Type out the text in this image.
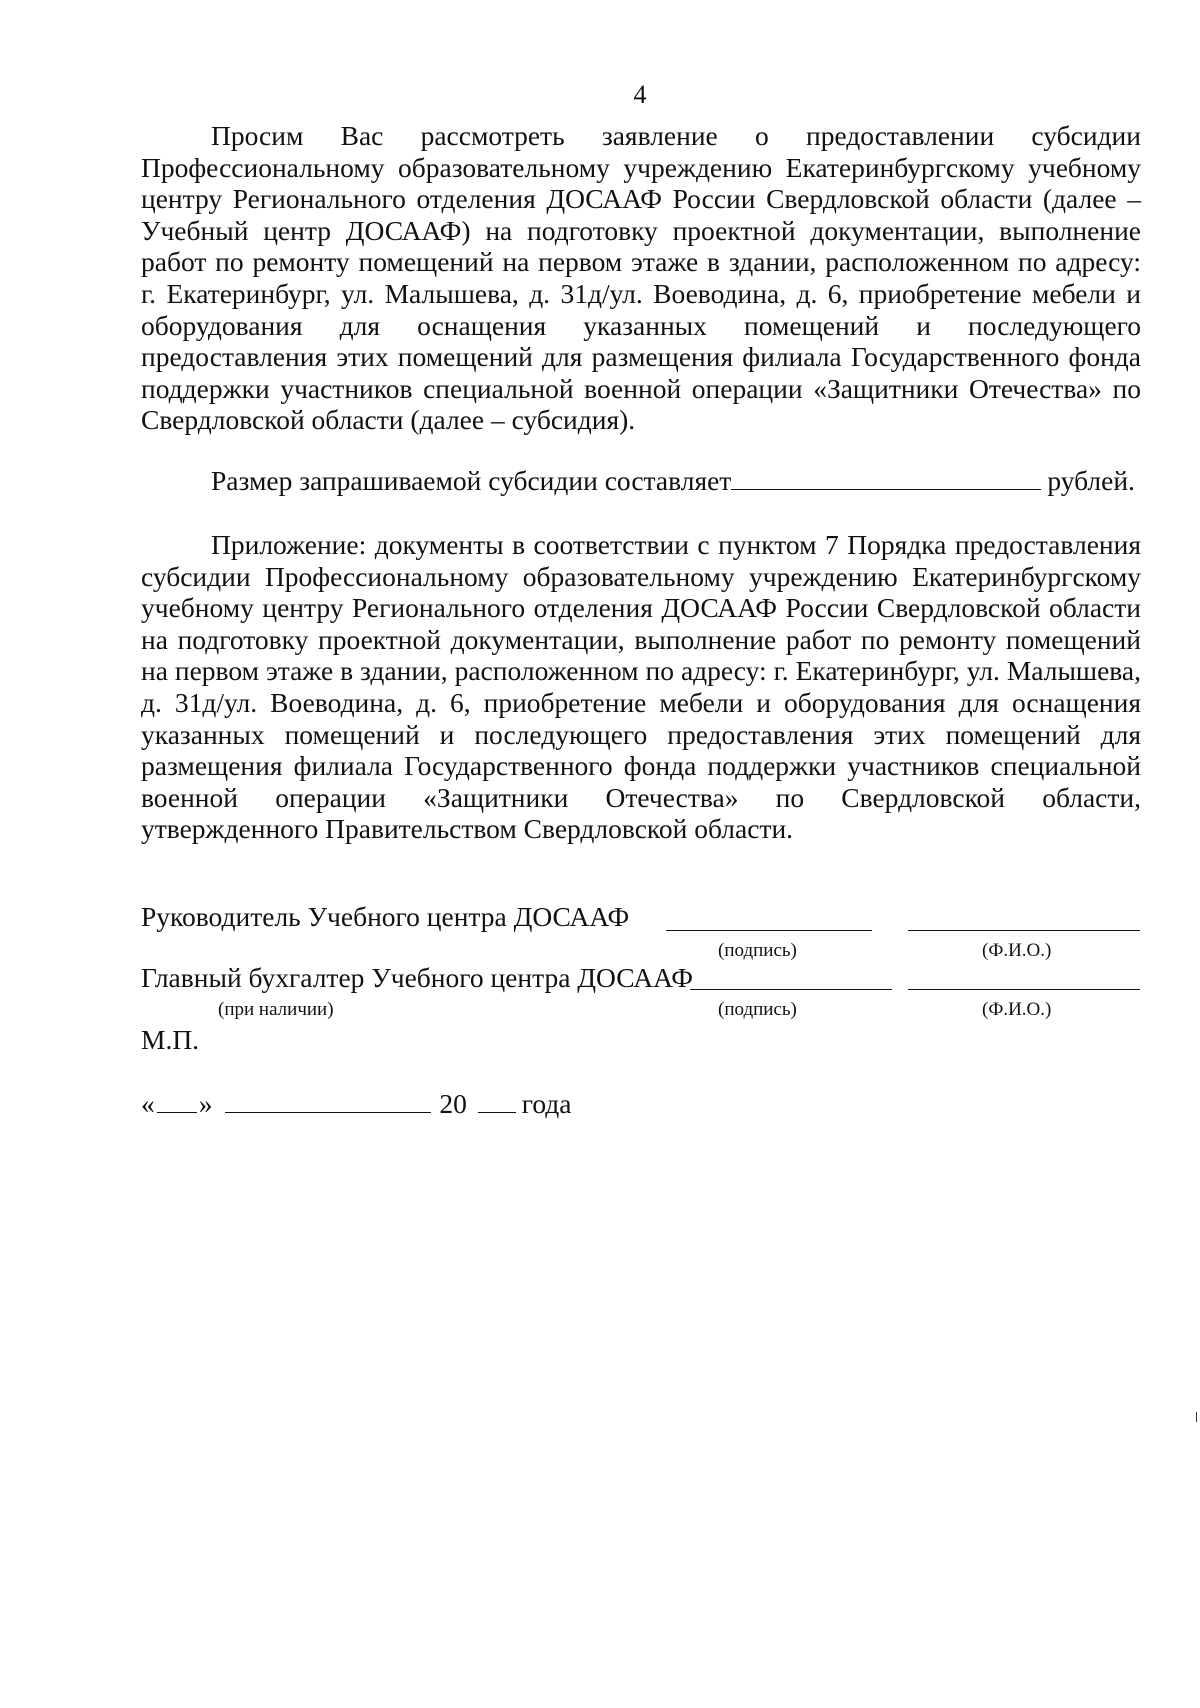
4

Просим Вас рассмотреть заявление о предоставлении субсидии Профессиональному образовательному учреждению Екатеринбургскому учебному центру Регионального отделения ДОСААФ России Свердловской области (далее – Учебный центр ДОСААФ) на подготовку проектной документации, выполнение работ по ремонту помещений на первом этаже в здании, расположенном по адресу: г. Екатеринбург, ул. Малышева, д. 31д/ул. Воеводина, д. 6, приобретение мебели и оборудования для оснащения указанных помещений и последующего предоставления этих помещений для размещения филиала Государственного фонда поддержки участников специальной военной операции «Защитники Отечества» по Свердловской области (далее – субсидия).

Размер запрашиваемой субсидии составляет	рублей.

Приложение: документы в соответствии с пунктом 7 Порядка предоставления субсидии Профессиональному образовательному учреждению Екатеринбургскому учебному центру Регионального отделения ДОСААФ России Свердловской области на подготовку проектной документации, выполнение работ по ремонту помещений на первом этаже в здании, расположенном по адресу: г. Екатеринбург, ул. Малышева, д. 31д/ул. Воеводина, д. 6, приобретение мебели и оборудования для оснащения указанных помещений и последующего предоставления этих помещений для размещения филиала Государственного фонда поддержки участников специальной военной операции «Защитники Отечества» по Свердловской области, утвержденного Правительством Свердловской области.

Руководитель Учебного центра ДОСААФ
(подпись)	(Ф.И.О.)
Главный бухгалтер Учебного центра ДОСААФ
(при наличии)	(подпись)	(Ф.И.О.)
М.П.
« »	20 года
